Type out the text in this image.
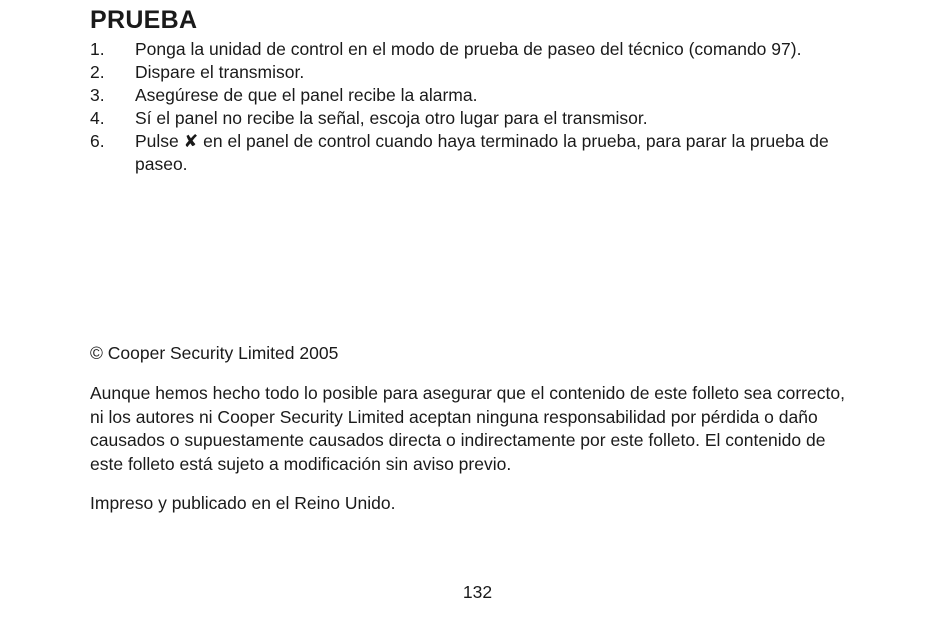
PRUEBA
1.	Ponga la unidad de control en el modo de prueba de paseo del técnico (comando 97).
2.	Dispare el transmisor.
3.	Asegúrese de que el panel recibe la alarma.
4.	Sí el panel no recibe la señal, escoja otro lugar para el transmisor.
6.	Pulse ✘ en el panel de control cuando haya terminado la prueba, para parar la prueba de paseo.

© Cooper Security Limited 2005

Aunque hemos hecho todo lo posible para asegurar que el contenido de este folleto sea correcto, ni los autores ni Cooper Security Limited aceptan ninguna responsabilidad por pérdida o daño causados o supuestamente causados directa o indirectamente por este folleto. El contenido de este folleto está sujeto a modificación sin aviso previo.

Impreso y publicado en el Reino Unido.

132
